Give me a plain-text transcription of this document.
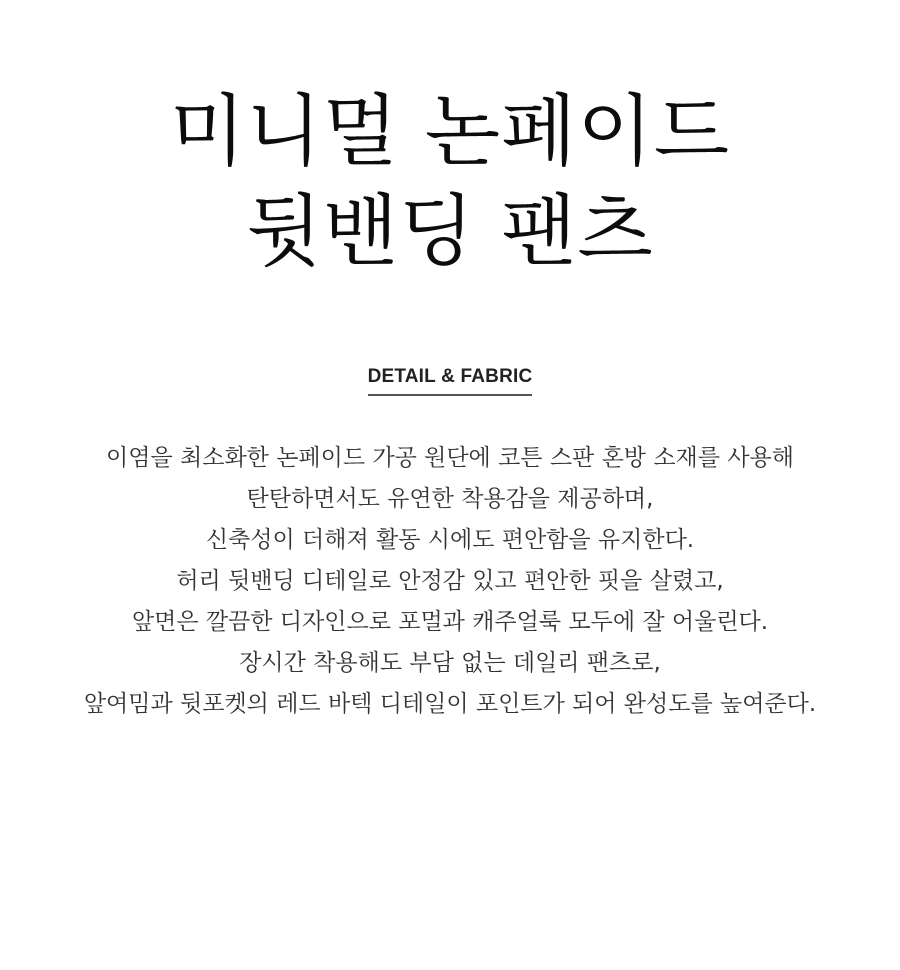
미니멀 논페이드
뒷밴딩 팬츠
DETAIL & FABRIC
이염을 최소화한 논페이드 가공 원단에 코튼 스판 혼방 소재를 사용해
탄탄하면서도 유연한 착용감을 제공하며,
신축성이 더해져 활동 시에도 편안함을 유지한다.
허리 뒷밴딩 디테일로 안정감 있고 편안한 핏을 살렸고,
앞면은 깔끔한 디자인으로 포멀과 캐주얼룩 모두에 잘 어울린다.
장시간 착용해도 부담 없는 데일리 팬츠로,
앞여밈과 뒷포켓의 레드 바텍 디테일이 포인트가 되어 완성도를 높여준다.
